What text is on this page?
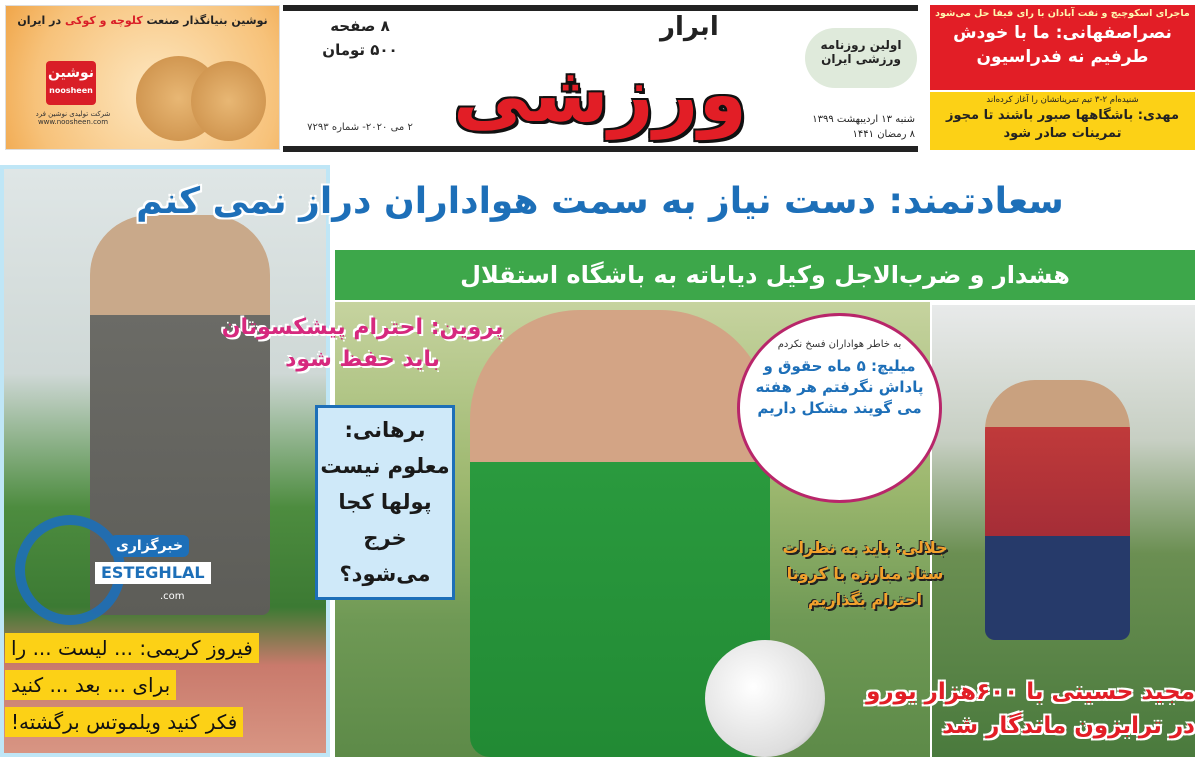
نوشین بنیانگذار صنعت کلوچه و کوکی در ایران
نوشین
noosheen
شرکت تولیدی نوشین فرد
www.noosheen.com
۸ صفحه
۵۰۰ تومان
۲ می ۲۰۲۰- شماره ۷۲۹۳ ورزشی
ابرار
اولین روزنامه
ورزشی ایران
شنبه ۱۳ اردیبهشت ۱۳۹۹
۸ رمضان ۱۴۴۱
ماجرای اسکوچیچ و نفت آبادان با رای فیفا حل می‌شود
نصراصفهانی: ما با خودش طرفیم نه فدراسیون
شنیده‌ام ۲-۳ تیم تمریناتشان را آغاز کرده‌اند
مهدی: باشگاهها صبور باشند تا مجوز تمرینات صادر شود
خبرگزاری
ESTEGHLAL
.com
سعادتمند: دست نیاز به سمت هواداران دراز نمی کنم
هشدار و ضرب‌الاجل وکیل دیاباته به باشگاه استقلال
پروین: احترام پیشکسوتان باید حفظ شود
برهانی: معلوم نیست پولها کجا خرج می‌شود؟
به خاطر هواداران فسخ نکردم
میلیچ: ۵ ماه حقوق و پاداش نگرفتم هر هفته می گویند مشکل داریم
جلالی: باید به نظرات ستاد مبارزه با کرونا احترام بگذاریم
فیروز کریمی: ... لیست ... را
برای ... بعد ... کنید
فکر کنید ویلموتس برگشته!
مجید حسینی با ۶۰۰هزار یورو
در ترابزون ماندگار شد
